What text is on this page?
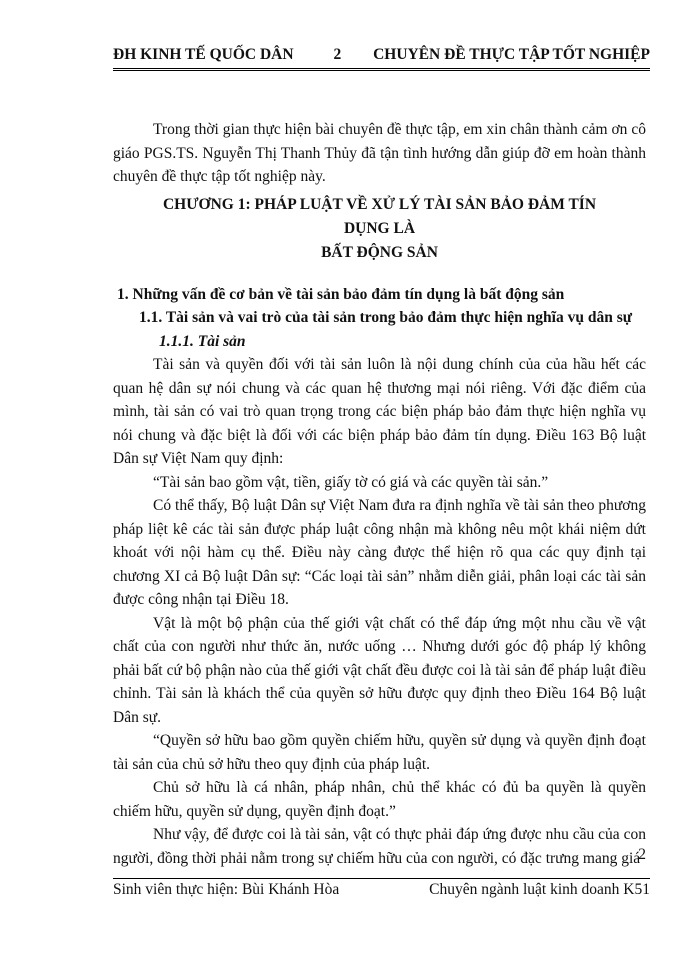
ĐH KINH TẾ QUỐC DÂN	2 CHUYÊN ĐỀ THỰC TẬP TỐT NGHIỆP

Trong thời gian thực hiện bài chuyên đề thực tập, em xin chân thành cảm ơn cô giáo PGS.TS. Nguyễn Thị Thanh Thủy đã tận tình hướng dẫn giúp đỡ em hoàn thành chuyên đề thực tập tốt nghiệp này.

CHƯƠNG 1: PHÁP LUẬT VỀ XỬ LÝ TÀI SẢN BẢO ĐẢM TÍN DỤNG LÀ
BẤT ĐỘNG SẢN
1. Những vấn đề cơ bản về tài sản bảo đảm tín dụng là bất động sản
1.1. Tài sản và vai trò của tài sản trong bảo đảm thực hiện nghĩa vụ dân sự
1.1.1. Tài sản

Tài sản và quyền đối với tài sản luôn là nội dung chính của của hầu hết các quan hệ dân sự nói chung và các quan hệ thương mại nói riêng. Với đặc điểm của mình, tài sản có vai trò quan trọng trong các biện pháp bảo đảm thực hiện nghĩa vụ nói chung và đặc biệt là đối với các biện pháp bảo đảm tín dụng. Điều 163 Bộ luật Dân sự Việt Nam quy định:

“Tài sản bao gồm vật, tiền, giấy tờ có giá và các quyền tài sản.”

Có thể thấy, Bộ luật Dân sự Việt Nam đưa ra định nghĩa về tài sản theo phương pháp liệt kê các tài sản được pháp luật công nhận mà không nêu một khái niệm dứt khoát với nội hàm cụ thể. Điều này càng được thể hiện rõ qua các quy định tại chương XI cả Bộ luật Dân sự: “Các loại tài sản” nhằm diễn giải, phân loại các tài sản được công nhận tại Điều 18.

Vật là một bộ phận của thế giới vật chất có thể đáp ứng một nhu cầu về vật chất của con người như thức ăn, nước uống … Nhưng dưới góc độ pháp lý không phải bất cứ bộ phận nào của thế giới vật chất đều được coi là tài sản để pháp luật điều chỉnh. Tài sản là khách thể của quyền sở hữu được quy định theo Điều 164 Bộ luật Dân sự.

“Quyền sở hữu bao gồm quyền chiếm hữu, quyền sử dụng và quyền định đoạt tài sản của chủ sở hữu theo quy định của pháp luật.

Chủ sở hữu là cá nhân, pháp nhân, chủ thể khác có đủ ba quyền là quyền chiếm hữu, quyền sử dụng, quyền định đoạt.”

Như vậy, để được coi là tài sản, vật có thực phải đáp ứng được nhu cầu của con người, đồng thời phải nằm trong sự chiếm hữu của con người, có đặc trưng mang giá

2
Sinh viên thực hiện: Bùi Khánh Hòa	Chuyên ngành luật kinh doanh K51
